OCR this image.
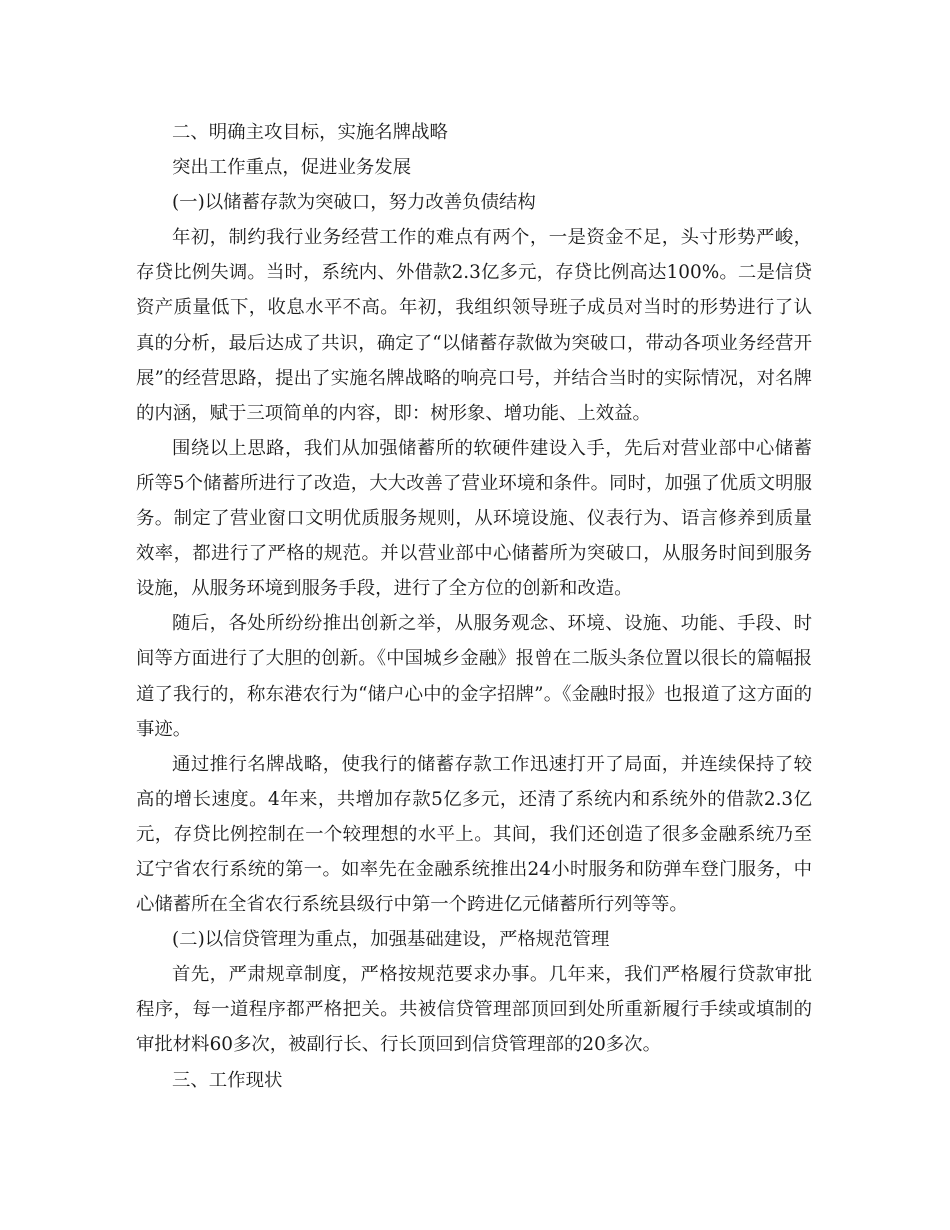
二、明确主攻目标，实施名牌战略

突出工作重点，促进业务发展

(一)以储蓄存款为突破口，努力改善负债结构

年初，制约我行业务经营工作的难点有两个，一是资金不足，头寸形势严峻，存贷比例失调。当时，系统内、外借款2.3亿多元，存贷比例高达100%。二是信贷资产质量低下，收息水平不高。年初，我组织领导班子成员对当时的形势进行了认真的分析，最后达成了共识，确定了“以储蓄存款做为突破口，带动各项业务经营开展”的经营思路，提出了实施名牌战略的响亮口号，并结合当时的实际情况，对名牌的内涵，赋于三项简单的内容，即：树形象、增功能、上效益。

围绕以上思路，我们从加强储蓄所的软硬件建设入手，先后对营业部中心储蓄所等5个储蓄所进行了改造，大大改善了营业环境和条件。同时，加强了优质文明服务。制定了营业窗口文明优质服务规则，从环境设施、仪表行为、语言修养到质量效率，都进行了严格的规范。并以营业部中心储蓄所为突破口，从服务时间到服务设施，从服务环境到服务手段，进行了全方位的创新和改造。

随后，各处所纷纷推出创新之举，从服务观念、环境、设施、功能、手段、时间等方面进行了大胆的创新。《中国城乡金融》报曾在二版头条位置以很长的篇幅报道了我行的，称东港农行为“储户心中的金字招牌”。《金融时报》也报道了这方面的事迹。

通过推行名牌战略，使我行的储蓄存款工作迅速打开了局面，并连续保持了较高的增长速度。4年来，共增加存款5亿多元，还清了系统内和系统外的借款2.3亿元，存贷比例控制在一个较理想的水平上。其间，我们还创造了很多金融系统乃至辽宁省农行系统的第一。如率先在金融系统推出24小时服务和防弹车登门服务，中心储蓄所在全省农行系统县级行中第一个跨进亿元储蓄所行列等等。

(二)以信贷管理为重点，加强基础建设，严格规范管理

首先，严肃规章制度，严格按规范要求办事。几年来，我们严格履行贷款审批程序，每一道程序都严格把关。共被信贷管理部顶回到处所重新履行手续或填制的审批材料60多次，被副行长、行长顶回到信贷管理部的20多次。

三、工作现状
